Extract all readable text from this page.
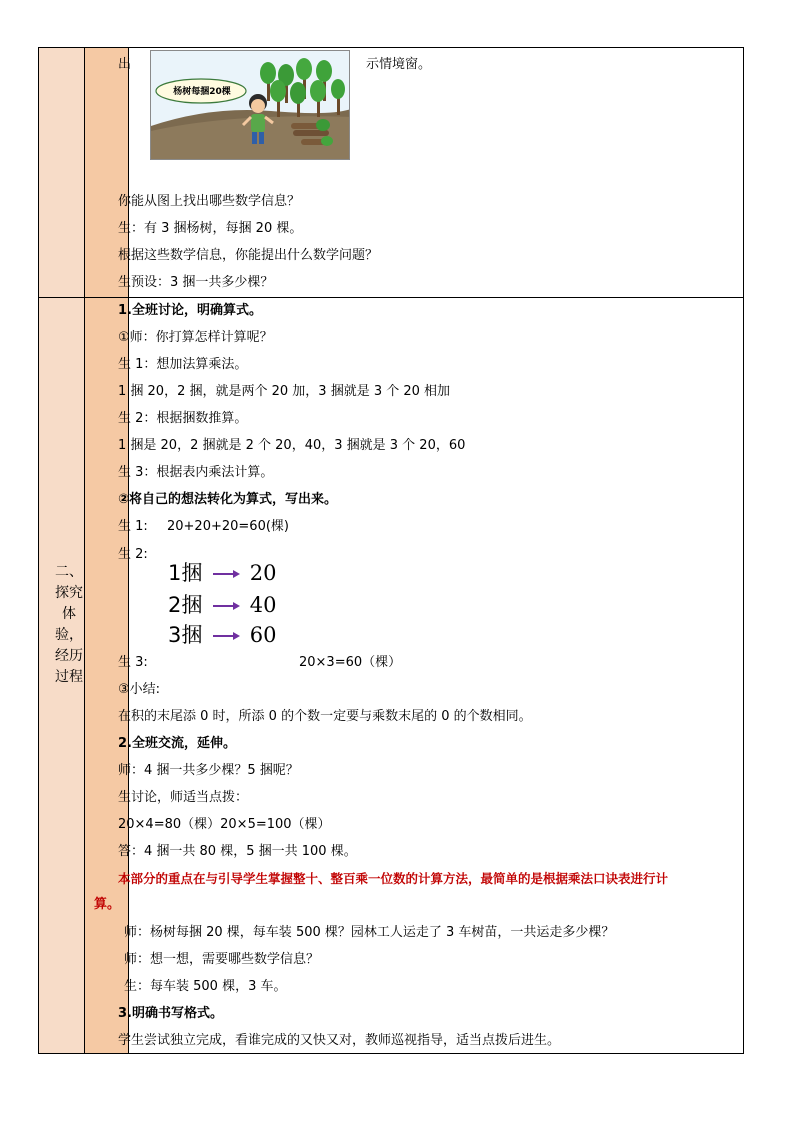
二、
探究
体
验，
经历
过程
出
杨树每捆20棵
示情境窗。
你能从图上找出哪些数学信息？
生：有 3 捆杨树，每捆 20 棵。
根据这些数学信息，你能提出什么数学问题？
生预设：3 捆一共多少棵？
1.全班讨论，明确算式。
①师：你打算怎样计算呢？
生 1：想加法算乘法。
1 捆 20，2 捆，就是两个 20 加，3 捆就是 3 个 20 相加
生 2：根据捆数推算。
1 捆是 20，2 捆就是 2 个 20，40，3 捆就是 3 个 20，60
生 3：根据表内乘法计算。
②将自己的想法转化为算式，写出来。
生 1: 20+20+20=60(棵)
生 2:
1捆 20
2捆 40
3捆 60
生 3:	20×3=60（棵）
③小结:
在积的末尾添 0 时，所添 0 的个数一定要与乘数末尾的 0 的个数相同。
2.全班交流，延伸。
师：4 捆一共多少棵？5 捆呢？
生讨论，师适当点拨：
20×4=80（棵）20×5=100（棵）
答：4 捆一共 80 棵，5 捆一共 100 棵。
本部分的重点在与引导学生掌握整十、整百乘一位数的计算方法，最简单的是根据乘法口诀表进行计
算。
师：杨树每捆 20 棵，每车装 500 棵？园林工人运走了 3 车树苗，一共运走多少棵？
师：想一想，需要哪些数学信息？
生：每车装 500 棵，3 车。
3.明确书写格式。
学生尝试独立完成，看谁完成的又快又对，教师巡视指导，适当点拨后进生。
